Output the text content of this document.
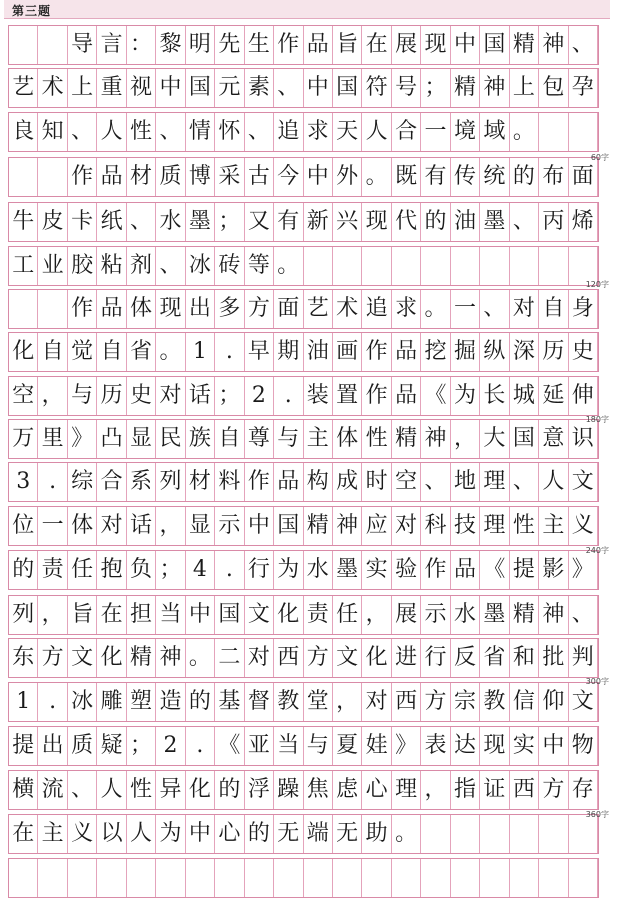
第三题
导 言 ： 黎 明 先 生 作 品 旨 在 展 现 中 国 精 神 、
艺 术 上 重 视 中 国 元 素 、 中 国 符 号 ； 精 神 上 包 孕
良 知 、 人 性 、 情 怀 、 追 求 天 人 合 一 境 域 。
作 品 材 质 博 采 古 今 中 外 。 既 有 传 统 的 布 面
牛 皮 卡 纸 、 水 墨 ； 又 有 新 兴 现 代 的 油 墨 、 丙 烯
工 业 胶 粘 剂 、 冰 砖 等 。
作 品 体 现 出 多 方 面 艺 术 追 求 。 一 、 对 自 身
化 自 觉 自 省 。 1 . 早 期 油 画 作 品 挖 掘 纵 深 历 史
空 ， 与 历 史 对 话 ； 2 . 装 置 作 品 《 为 长 城 延 伸
万 里 》 凸 显 民 族 自 尊 与 主 体 性 精 神 ， 大 国 意 识
3 . 综 合 系 列 材 料 作 品 构 成 时 空 、 地 理 、 人 文
位 一 体 对 话 ， 显 示 中 国 精 神 应 对 科 技 理 性 主 义
的 责 任 抱 负 ； 4 . 行 为 水 墨 实 验 作 品 《 提 影 》
列 ， 旨 在 担 当 中 国 文 化 责 任 ， 展 示 水 墨 精 神 、
东 方 文 化 精 神 。 二 对 西 方 文 化 进 行 反 省 和 批 判
1 . 冰 雕 塑 造 的 基 督 教 堂 ， 对 西 方 宗 教 信 仰 文
提 出 质 疑 ； 2 . 《 亚 当 与 夏 娃 》 表 达 现 实 中 物
横 流 、 人 性 异 化 的 浮 躁 焦 虑 心 理 ， 指 证 西 方 存
在 主 义 以 人 为 中 心 的 无 端 无 助 。
60字
120字
180字
240字
300字
360字
